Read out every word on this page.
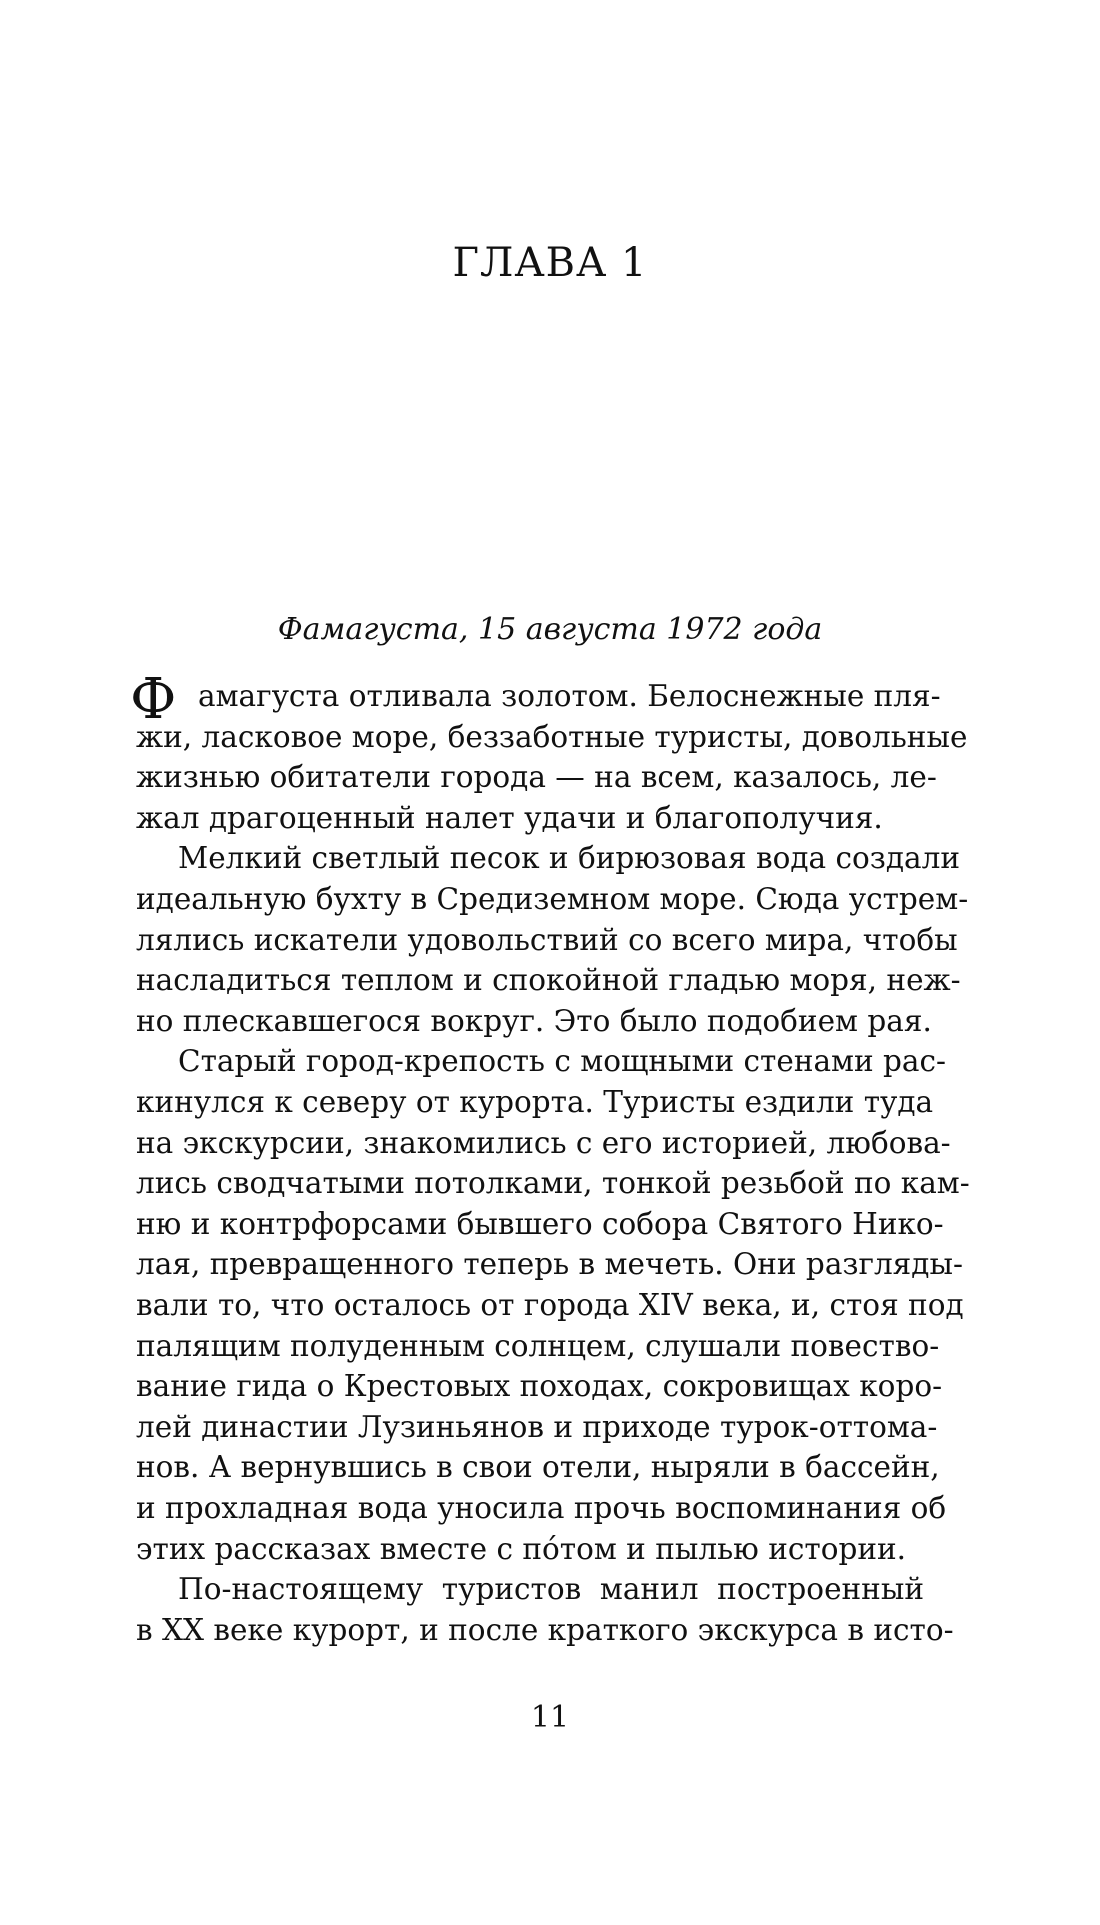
ГЛАВА 1
Фамагуста, 15 августа 1972 года
Ф амагуста отливала золотом. Белоснежные пля-
жи, ласковое море, беззаботные туристы, довольные
жизнью обитатели города — на всем, казалось, ле-
жал драгоценный налет удачи и благополучия.
Мелкий светлый песок и бирюзовая вода создали
идеальную бухту в Средиземном море. Сюда устрем-
лялись искатели удовольствий со всего мира, чтобы
насладиться теплом и спокойной гладью моря, неж-
но плескавшегося вокруг. Это было подобием рая.
Старый город-крепость с мощными стенами рас-
кинулся к северу от курорта. Туристы ездили туда
на экскурсии, знакомились с его историей, любова-
лись сводчатыми потолками, тонкой резьбой по кам-
ню и контрфорсами бывшего собора Святого Нико-
лая, превращенного теперь в мечеть. Они разгляды-
вали то, что осталось от города XIV века, и, стоя под
палящим полуденным солнцем, слушали повество-
вание гида о Крестовых походах, сокровищах коро-
лей династии Лузиньянов и приходе турок-оттома-
нов. А вернувшись в свои отели, ныряли в бассейн,
и прохладная вода уносила прочь воспоминания об
этих рассказах вместе с пóтом и пылью истории.
По-настоящему туристов манил построенный
в XX веке курорт, и после краткого экскурса в исто-
11
